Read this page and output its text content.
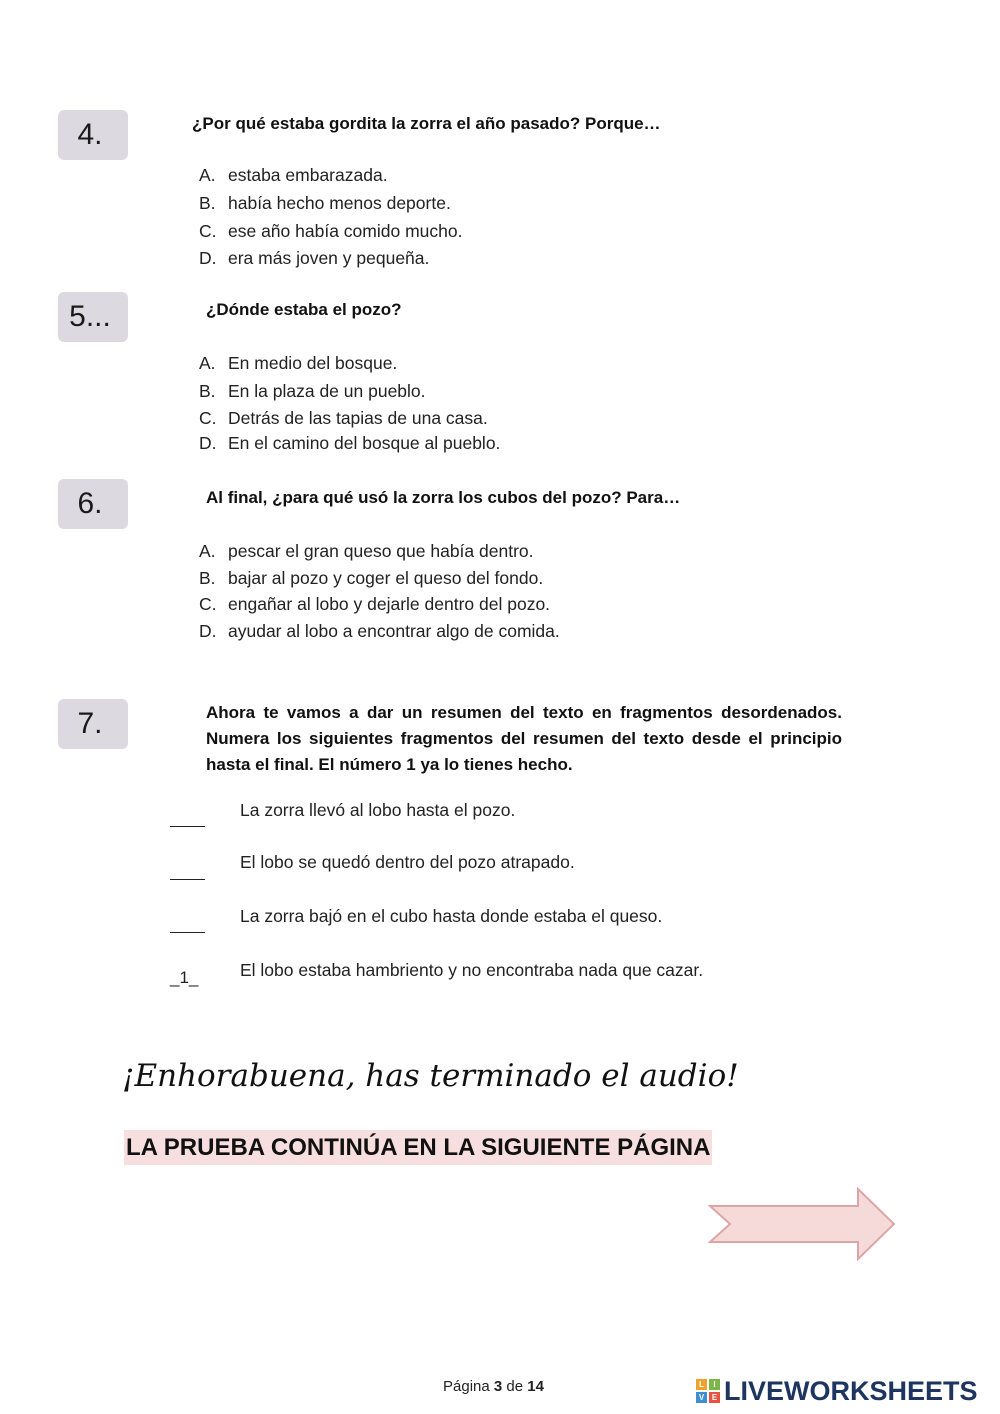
4.	¿Por qué estaba gordita la zorra el año pasado? Porque…
A. estaba embarazada.
B. había hecho menos deporte.
C. ese año había comido mucho.
D. era más joven y pequeña.
5...	¿Dónde estaba el pozo?
A. En medio del bosque.
B. En la plaza de un pueblo.
C. Detrás de las tapias de una casa.
D. En el camino del bosque al pueblo.
6.	Al final, ¿para qué usó la zorra los cubos del pozo? Para…
A. pescar el gran queso que había dentro.
B. bajar al pozo y coger el queso del fondo.
C. engañar al lobo y dejarle dentro del pozo.
D. ayudar al lobo a encontrar algo de comida.
7.	Ahora te vamos a dar un resumen del texto en fragmentos desordenados. Numera los siguientes fragmentos del resumen del texto desde el principio hasta el final. El número 1 ya lo tienes hecho.
La zorra llevó al lobo hasta el pozo.
El lobo se quedó dentro del pozo atrapado.
La zorra bajó en el cubo hasta donde estaba el queso.
_1_ El lobo estaba hambriento y no encontraba nada que cazar.
¡Enhorabuena, has terminado el audio!
LA PRUEBA CONTINÚA EN LA SIGUIENTE PÁGINA
Página 3 de 14	L	I
V E LIVEWORKSHEETS
